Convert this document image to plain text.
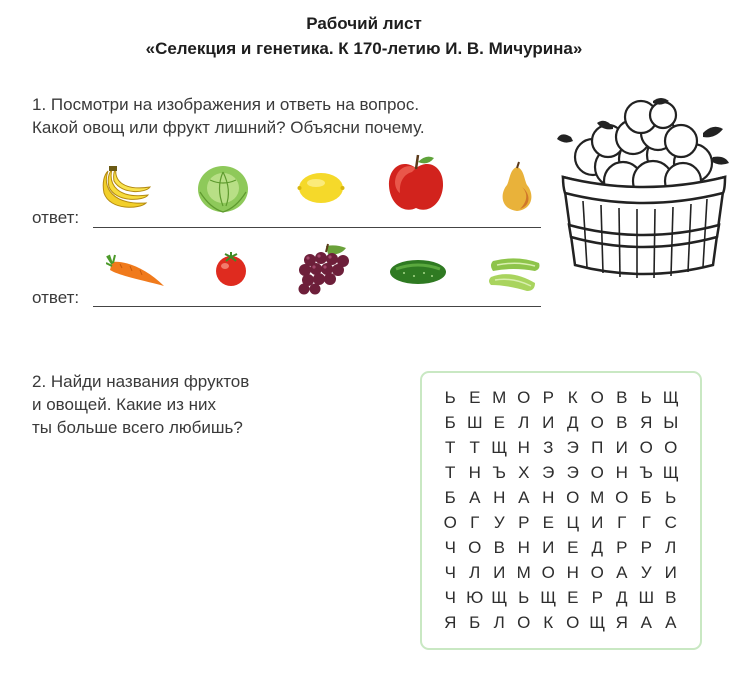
Рабочий лист
«Селекция и генетика. К 170-летию И. В. Мичурина»
1. Посмотри на изображения и ответь на вопрос.
Какой овощ или фрукт лишний? Объясни почему.
ответ:
ответ:
2. Найди названия фруктов
и овощей. Какие из них
ты больше всего любишь?
Ь Е М О Р К О В Ь Щ
Б Ш Е Л И Д О В Я Ы
Т Т Щ Н З Э П И О О
Т Н Ъ Х Э Э О Н Ъ Щ
Б А Н А Н О М О Б Ь
О Г У Р Е Ц И Г Г С
Ч О В Н И Е Д Р Р Л
Ч Л И М О Н О А У И
Ч Ю Щ Ь Щ Е Р Д Ш В
Я Б Л О К О Щ Я А А
